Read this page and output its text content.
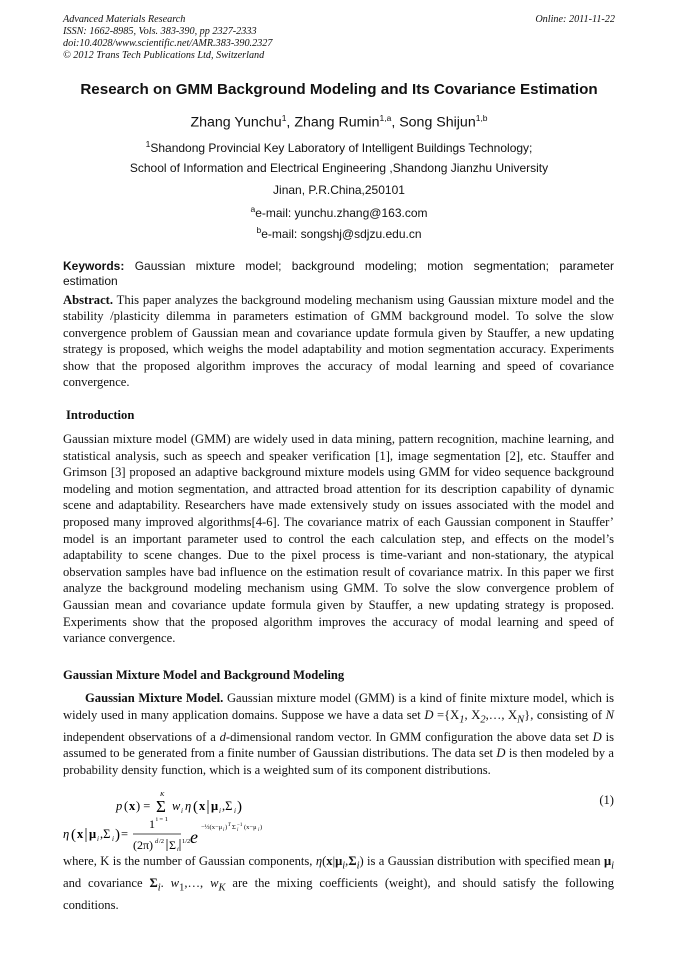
Advanced Materials Research
ISSN: 1662-8985, Vols. 383-390, pp 2327-2333
doi:10.4028/www.scientific.net/AMR.383-390.2327
© 2012 Trans Tech Publications Ltd, Switzerland
Online: 2011-11-22
Research on GMM Background Modeling and Its Covariance Estimation
Zhang Yunchu$^1$, Zhang Rumin$^{1,a}$, Song Shijun$^{1,b}$
$^1$Shandong Provincial Key Laboratory of Intelligent Buildings Technology;
School of Information and Electrical Engineering ,Shandong Jianzhu University
Jinan, P.R.China,250101
$^a$e-mail: yunchu.zhang@163.com
$^b$e-mail: songshj@sdjzu.edu.cn
Keywords: Gaussian mixture model; background modeling; motion segmentation; parameter estimation
Abstract. This paper analyzes the background modeling mechanism using Gaussian mixture model and the stability /plasticity dilemma in parameters estimation of GMM background model. To solve the slow convergence problem of Gaussian mean and covariance update formula given by Stauffer, a new updating strategy is proposed, which weighs the model adaptability and motion segmentation accuracy. Experiments show that the proposed algorithm improves the accuracy of modal learning and speed of covariance convergence.
Introduction
Gaussian mixture model (GMM) are widely used in data mining, pattern recognition, machine learning, and statistical analysis, such as speech and speaker verification [1], image segmentation [2], etc. Stauffer and Grimson [3] proposed an adaptive background mixture models using GMM for video sequence background modeling and motion segmentation, and attracted broad attention for its description capability of dynamic scene and adaptability. Researchers have made extensively study on issues associated with the model and proposed many improved algorithms[4-6]. The covariance matrix of each Gaussian component in Stauffer’ model is an important parameter used to control the each calculation step, and effects on the model’s adaptability to scene changes. Due to the pixel process is time-variant and non-stationary, the atypical observation samples have bad influence on the estimation result of covariance matrix. In this paper we first analyze the background modeling mechanism using GMM. To solve the slow convergence problem of Gaussian mean and covariance update formula given by Stauffer, a new updating strategy is proposed. Experiments show that the proposed algorithm improves the accuracy of modal learning and speed of variance convergence.
Gaussian Mixture Model and Background Modeling
Gaussian Mixture Model. Gaussian mixture model (GMM) is a kind of finite mixture model, which is widely used in many application domains. Suppose we have a data set $D =\{X_1$, $X_2,\dots$, $X_N$}, consisting of N independent observations of a d-dimensional random vector. In GMM configuration the above data set D is assumed to be generated from a finite number of Gaussian distributions. The data set D is then modeled by a probability density function, which is a weighted sum of its component distributions.
p ( x ) =
K
Σ
i = 1
w i η ( x μ i ,Σ i )	(1)
η ( x μ i ,Σ i ) =
1
(2π) d /2 Σ i
1/2 e −½(x−μ i ) T Σ −1
i (x−μ i )
where, K is the number of Gaussian components, $\eta(x|\mu_i,\Sigma_i)$ is a Gaussian distribution with specified mean $\mu_i$ and covariance $\Sigma_i$. $w_1,\dots$, $w_K$ are the mixing coefficients (weight), and should satisfy the following conditions.
